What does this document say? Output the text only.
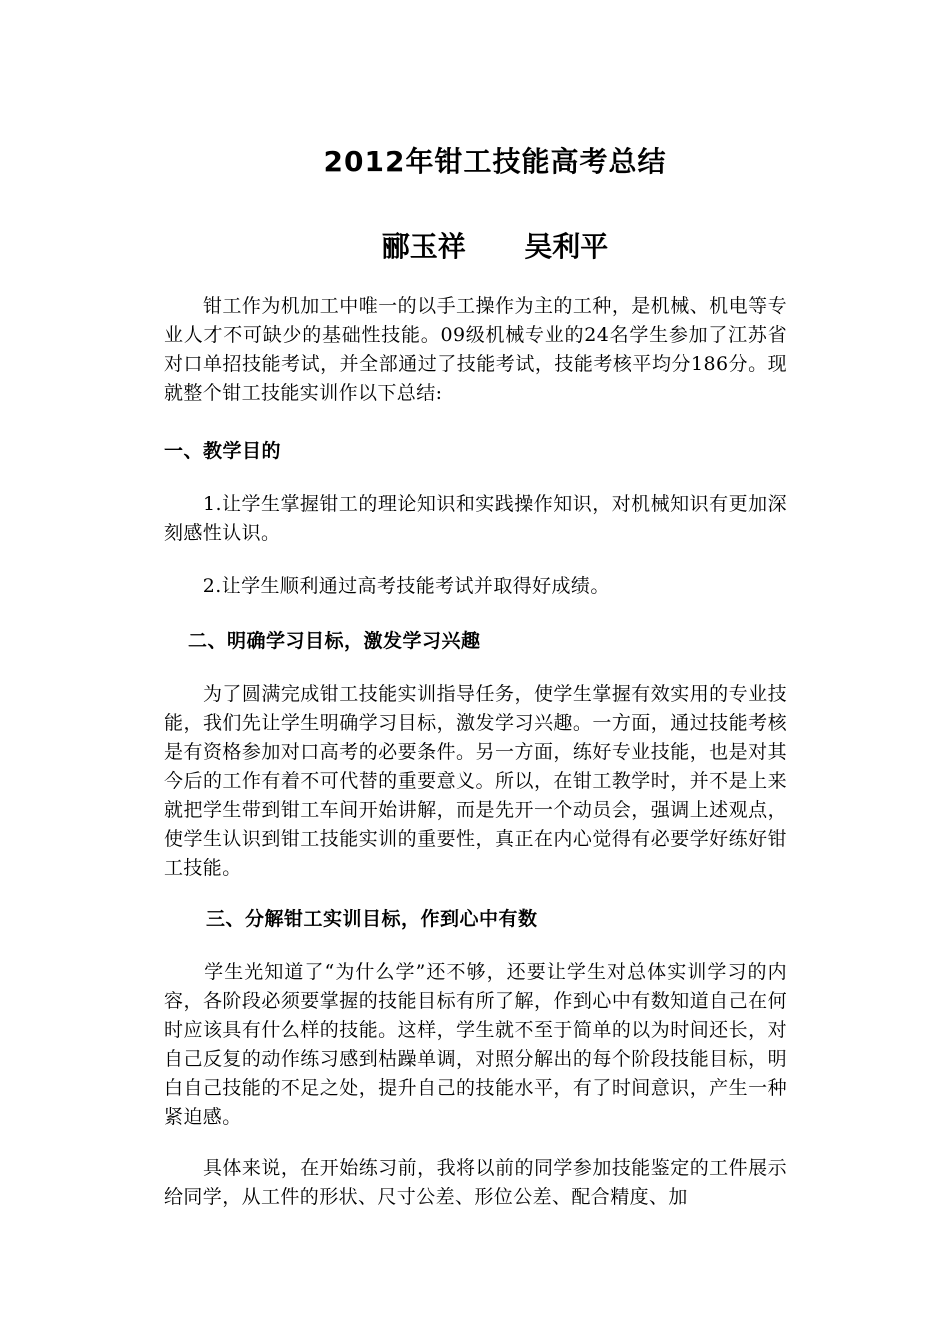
2012年钳工技能高考总结
郦玉祥      吴利平

　　钳工作为机加工中唯一的以手工操作为主的工种，是机械、机电等专业人才不可缺少的基础性技能。09级机械专业的24名学生参加了江苏省对口单招技能考试，并全部通过了技能考试，技能考核平均分186分。现就整个钳工技能实训作以下总结:

一、教学目的

　　1.让学生掌握钳工的理论知识和实践操作知识，对机械知识有更加深刻感性认识。

　　2.让学生顺利通过高考技能考试并取得好成绩。

二、明确学习目标，激发学习兴趣

　　为了圆满完成钳工技能实训指导任务，使学生掌握有效实用的专业技能，我们先让学生明确学习目标，激发学习兴趣。一方面，通过技能考核是有资格参加对口高考的必要条件。另一方面，练好专业技能，也是对其今后的工作有着不可代替的重要意义。所以，在钳工教学时，并不是上来就把学生带到钳工车间开始讲解，而是先开一个动员会，强调上述观点，使学生认识到钳工技能实训的重要性，真正在内心觉得有必要学好练好钳工技能。

三、分解钳工实训目标，作到心中有数

　　学生光知道了“为什么学”还不够，还要让学生对总体实训学习的内容，各阶段必须要掌握的技能目标有所了解，作到心中有数知道自己在何时应该具有什么样的技能。这样，学生就不至于简单的以为时间还长，对自己反复的动作练习感到枯躁单调，对照分解出的每个阶段技能目标，明白自己技能的不足之处，提升自己的技能水平，有了时间意识，产生一种紧迫感。

　　具体来说，在开始练习前，我将以前的同学参加技能鉴定的工件展示给同学，从工件的形状、尺寸公差、形位公差、配合精度、加
